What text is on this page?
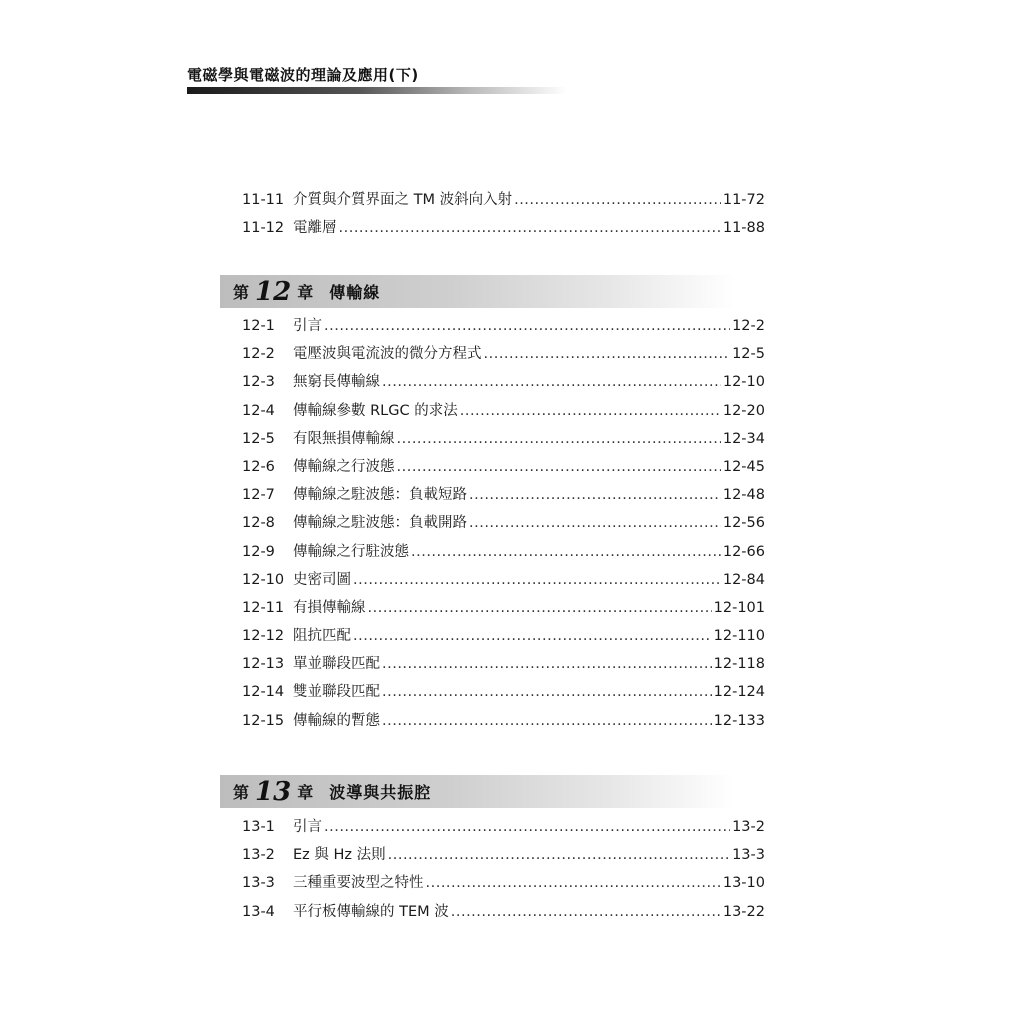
電磁學與電磁波的理論及應用(下)
11-11 介質與介質界面之 TM 波斜向入射 .....	11-72
11-12 電離層 .....	11-88
第 12 章 傳輸線
12-1	引言 .....	12-2
12-2	電壓波與電流波的微分方程式 .....	12-5
12-3	無窮長傳輸線 .....	12-10
12-4	傳輸線參數 RLGC 的求法 .....	12-20
12-5	有限無損傳輸線 .....	12-34
12-6	傳輸線之行波態 .....	12-45
12-7	傳輸線之駐波態：負載短路 .....	12-48
12-8	傳輸線之駐波態：負載開路 .....	12-56
12-9	傳輸線之行駐波態 .....	12-66
12-10 史密司圖 .....	12-84
12-11 有損傳輸線 .....	12-101
12-12 阻抗匹配 .....	12-110
12-13 單並聯段匹配 .....	12-118
12-14 雙並聯段匹配 .....	12-124
12-15 傳輸線的暫態 .....	12-133
第 13 章 波導與共振腔
13-1	引言 .....	13-2
13-2	Ez 與 Hz 法則 .....	13-3
13-3	三種重要波型之特性 .....	13-10
13-4	平行板傳輸線的 TEM 波 .....	13-22
